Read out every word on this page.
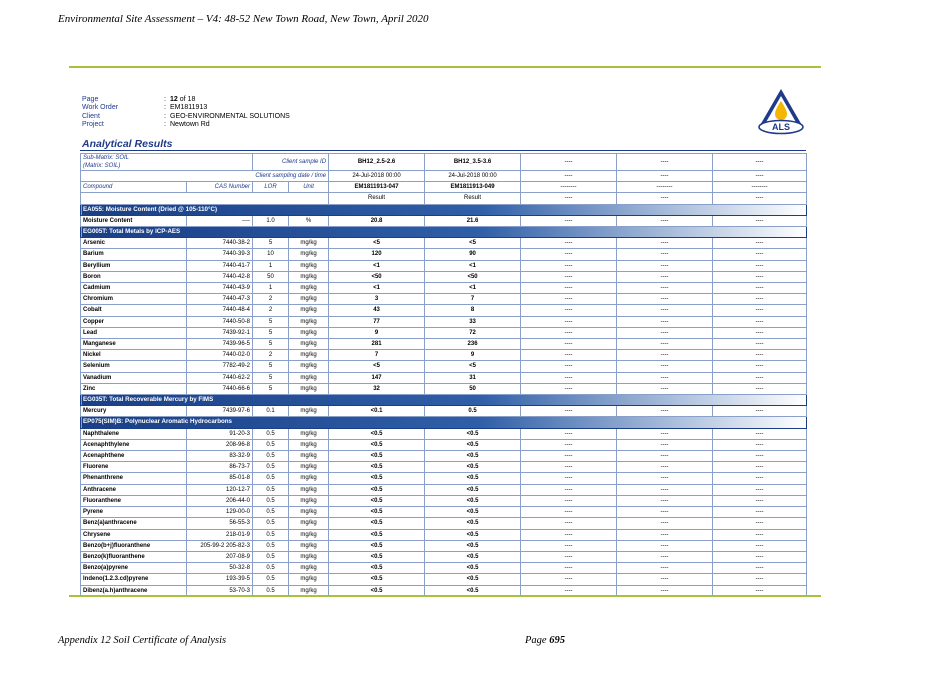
Environmental Site Assessment – V4: 48-52 New Town Road, New Town, April 2020
Page	: 12 of 18
Work Order	: EM1811913
Client	: GEO-ENVIRONMENTAL SOLUTIONS
Project	: Newtown Rd	ALS
Analytical Results
Sub-Matrix: SOIL
(Matrix: SOIL)		Client sample ID		BH12_2.5-2.6	BH12_3.5-3.6	----	----	----
Client sampling date / time				24-Jul-2018 00:00	24-Jul-2018 00:00	----	----	----
Compound	CAS Number	LOR	Unit	EM1811913-047	EM1811913-049	--------	--------	--------
				Result	Result	----	----	----
EA055: Moisture Content (Dried @ 105-110°C)								
Moisture Content	----	1.0	%	20.8	21.6	----	----	----
EG005T: Total Metals by ICP-AES								
Arsenic	7440-38-2	5	mg/kg	<5	<5	----	----	----
Barium	7440-39-3	10	mg/kg	120	90	----	----	----
Beryllium	7440-41-7	1	mg/kg	<1	<1	----	----	----
Boron	7440-42-8	50	mg/kg	<50	<50	----	----	----
Cadmium	7440-43-9	1	mg/kg	<1	<1	----	----	----
Chromium	7440-47-3	2	mg/kg	3	7	----	----	----
Cobalt	7440-48-4	2	mg/kg	43	8	----	----	----
Copper	7440-50-8	5	mg/kg	77	33	----	----	----
Lead	7439-92-1	5	mg/kg	9	72	----	----	----
Manganese	7439-96-5	5	mg/kg	281	236	----	----	----
Nickel	7440-02-0	2	mg/kg	7	9	----	----	----
Selenium	7782-49-2	5	mg/kg	<5	<5	----	----	----
Vanadium	7440-62-2	5	mg/kg	147	31	----	----	----
Zinc	7440-66-6	5	mg/kg	32	50	----	----	----
EG035T: Total Recoverable Mercury by FIMS								
Mercury	7439-97-6	0.1	mg/kg	<0.1	0.5	----	----	----
EP075(SIM)B: Polynuclear Aromatic Hydrocarbons								
Naphthalene	91-20-3	0.5	mg/kg	<0.5	<0.5	----	----	----
Acenaphthylene	208-96-8	0.5	mg/kg	<0.5	<0.5	----	----	----
Acenaphthene	83-32-9	0.5	mg/kg	<0.5	<0.5	----	----	----
Fluorene	86-73-7	0.5	mg/kg	<0.5	<0.5	----	----	----
Phenanthrene	85-01-8	0.5	mg/kg	<0.5	<0.5	----	----	----
Anthracene	120-12-7	0.5	mg/kg	<0.5	<0.5	----	----	----
Fluoranthene	206-44-0	0.5	mg/kg	<0.5	<0.5	----	----	----
Pyrene	129-00-0	0.5	mg/kg	<0.5	<0.5	----	----	----
Benz(a)anthracene	56-55-3	0.5	mg/kg	<0.5	<0.5	----	----	----
Chrysene	218-01-9	0.5	mg/kg	<0.5	<0.5	----	----	----
Benzo(b+j)fluoranthene	205-99-2 205-82-3	0.5	mg/kg	<0.5	<0.5	----	----	----
Benzo(k)fluoranthene	207-08-9	0.5	mg/kg	<0.5	<0.5	----	----	----
Benzo(a)pyrene	50-32-8	0.5	mg/kg	<0.5	<0.5	----	----	----
Indeno(1.2.3.cd)pyrene	193-39-5	0.5	mg/kg	<0.5	<0.5	----	----	----
Dibenz(a.h)anthracene	53-70-3	0.5	mg/kg	<0.5	<0.5	----	----	----
Appendix 12 Soil Certificate of Analysis	Page 695
